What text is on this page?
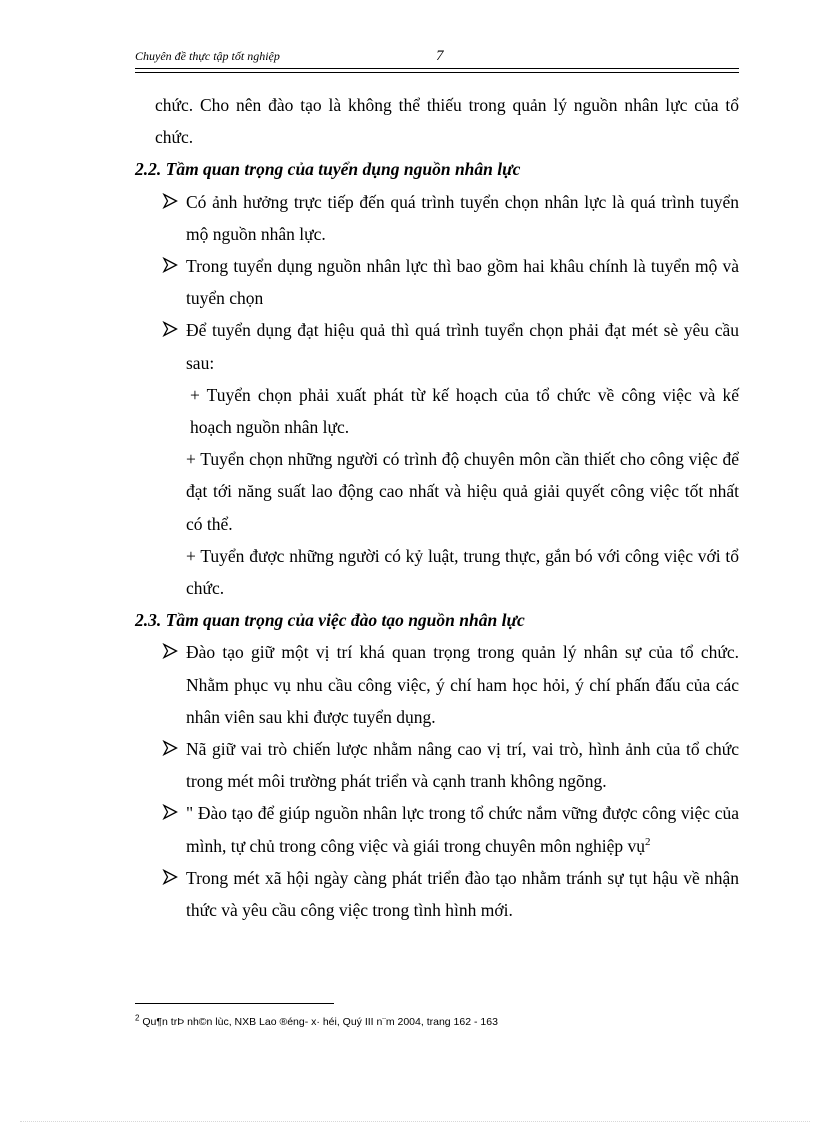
Chuyên đề thực tập tốt nghiệp	7

chức. Cho nên đào tạo là không thể thiếu trong quản lý nguồn nhân lực của tổ chức.

2.2. Tầm quan trọng của tuyển dụng nguồn nhân lực

Có ảnh hưởng trực tiếp đến quá trình tuyển chọn nhân lực là quá trình tuyển mộ nguồn nhân lực.
Trong tuyển dụng nguồn nhân lực thì bao gồm hai khâu chính là tuyển mộ và tuyển chọn
Để tuyển dụng đạt hiệu quả thì quá trình tuyển chọn phải đạt mét sè yêu cầu sau:

+ Tuyển chọn phải xuất phát từ kế hoạch của tổ chức về công việc và kế hoạch nguồn nhân lực.

+ Tuyển chọn những người có trình độ chuyên môn cần thiết cho công việc để đạt tới năng suất lao động cao nhất và hiệu quả giải quyết công việc tốt nhất có thể.

+ Tuyển được những người có kỷ luật, trung thực, gắn bó với công việc với tổ chức.

2.3. Tầm quan trọng của việc đào tạo nguồn nhân lực

Đào tạo giữ một vị trí khá quan trọng trong quản lý nhân sự của tổ chức. Nhằm phục vụ nhu cầu công việc, ý chí ham học hỏi, ý chí phấn đấu của các nhân viên sau khi được tuyển dụng.
Nã giữ vai trò chiến lược nhằm nâng cao vị trí, vai trò, hình ảnh của tổ chức trong mét môi trường phát triển và cạnh tranh không ngõng.
" Đào tạo để giúp nguồn nhân lực trong tổ chức nắm vững được công việc của mình, tự chủ trong công việc và giái trong chuyên môn nghiệp vụ$^2$
Trong mét xã hội ngày càng phát triển đào tạo nhằm tránh sự tụt hậu về nhận thức và yêu cầu công việc trong tình hình mới.
$^2$ Qu¶n trÞ nh©n lùc, NXB Lao ®éng- x· héi, Quý III n¨m 2004, trang 162 - 163
